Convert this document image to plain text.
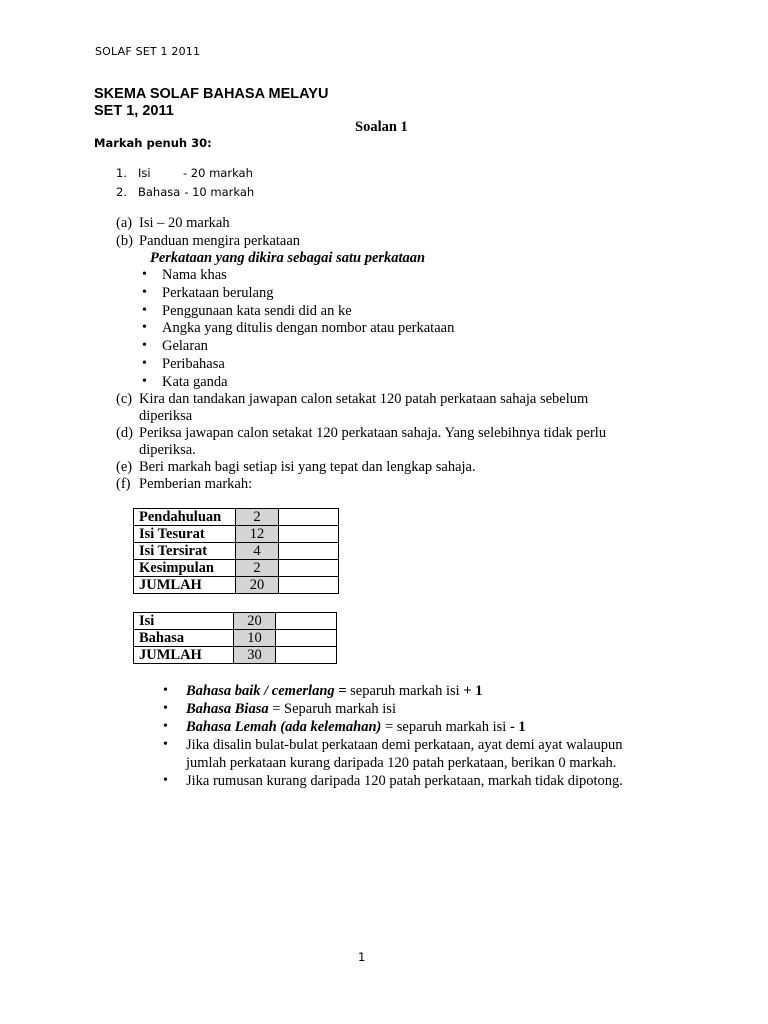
SOLAF SET 1 2011
SKEMA SOLAF BAHASA MELAYU
SET 1, 2011
Soalan 1
Markah penuh 30:
1. Isi	- 20 markah
2. Bahasa - 10 markah
(a) Isi – 20 markah
(b) Panduan mengira perkataan
Perkataan yang dikira sebagai satu perkataan
• Nama khas
• Perkataan berulang
• Penggunaan kata sendi did an ke
• Angka yang ditulis dengan nombor atau perkataan
• Gelaran
• Peribahasa
• Kata ganda
(c) Kira dan tandakan jawapan calon setakat 120 patah perkataan sahaja sebelum
diperiksa
(d) Periksa jawapan calon setakat 120 perkataan sahaja. Yang selebihnya tidak perlu
diperiksa.
(e) Beri markah bagi setiap isi yang tepat dan lengkap sahaja.
(f) Pemberian markah:
Pendahuluan	2	
Isi Tesurat	12	
Isi Tersirat	4	
Kesimpulan	2	
JUMLAH	20	
Isi	20	
Bahasa	10	
JUMLAH	30	
• Bahasa baik / cemerlang = separuh markah isi + 1
• Bahasa Biasa = Separuh markah isi
• Bahasa Lemah (ada kelemahan) = separuh markah isi - 1
• Jika disalin bulat-bulat perkataan demi perkataan, ayat demi ayat walaupun
jumlah perkataan kurang daripada 120 patah perkataan, berikan 0 markah.
• Jika rumusan kurang daripada 120 patah perkataan, markah tidak dipotong.
1
